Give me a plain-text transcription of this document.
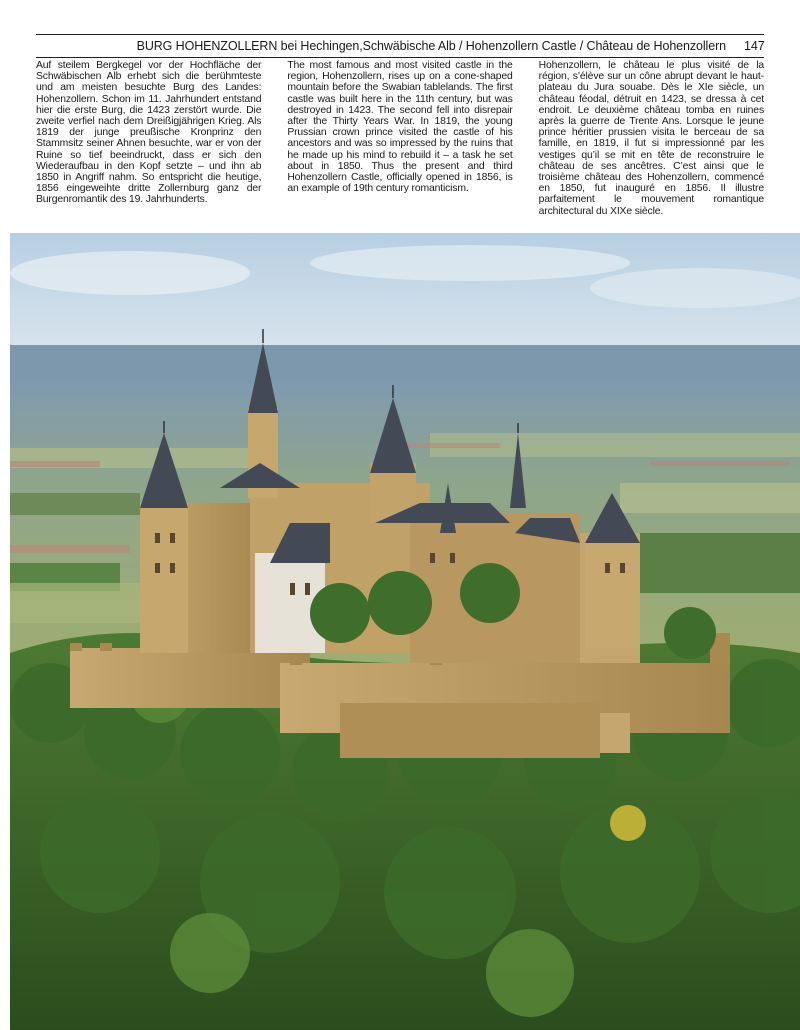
BURG HOHENZOLLERN bei Hechingen,Schwäbische Alb / Hohenzollern Castle / Château de Hohenzollern 147

Auf steilem Bergkegel vor der Hochfläche der Schwäbischen Alb erhebt sich die berühmteste und am meisten besuchte Burg des Landes: Hohenzollern. Schon im 11. Jahrhundert entstand hier die erste Burg, die 1423 zerstört wurde. Die zweite verfiel nach dem Dreißigjährigen Krieg. Als 1819 der junge preußische Kronprinz den Stammsitz seiner Ahnen besuchte, war er von der Ruine so tief beeindruckt, dass er sich den Wiederaufbau in den Kopf setzte – und ihn ab 1850 in Angriff nahm. So entspricht die heutige, 1856 eingeweihte dritte Zollernburg ganz der Burgenromantik des 19. Jahrhunderts.

The most famous and most visited castle in the region, Hohenzollern, rises up on a cone-shaped mountain before the Swabian tablelands. The first castle was built here in the 11th century, but was destroyed in 1423. The second fell into disrepair after the Thirty Years War. In 1819, the young Prussian crown prince visited the castle of his ancestors and was so impressed by the ruins that he made up his mind to rebuild it – a task he set about in 1850. Thus the present and third Hohenzollern Castle, officially opened in 1856, is an example of 19th century romanticism.

Hohenzollern, le château le plus visité de la région, s’élève sur un cône abrupt devant le haut-plateau du Jura souabe. Dès le XIe siècle, un château féodal, détruit en 1423, se dressa à cet endroit. Le deuxième château tomba en ruines après la guerre de Trente Ans. Lorsque le jeune prince héritier prussien visita le berceau de sa famille, en 1819, il fut si impressionné par les vestiges qu’il se mit en tête de reconstruire le château de ses ancêtres. C’est ainsi que le troisième château des Hohenzollern, commencé en 1850, fut inauguré en 1856. Il illustre parfaitement le mouvement romantique architectural du XIXe siècle.
